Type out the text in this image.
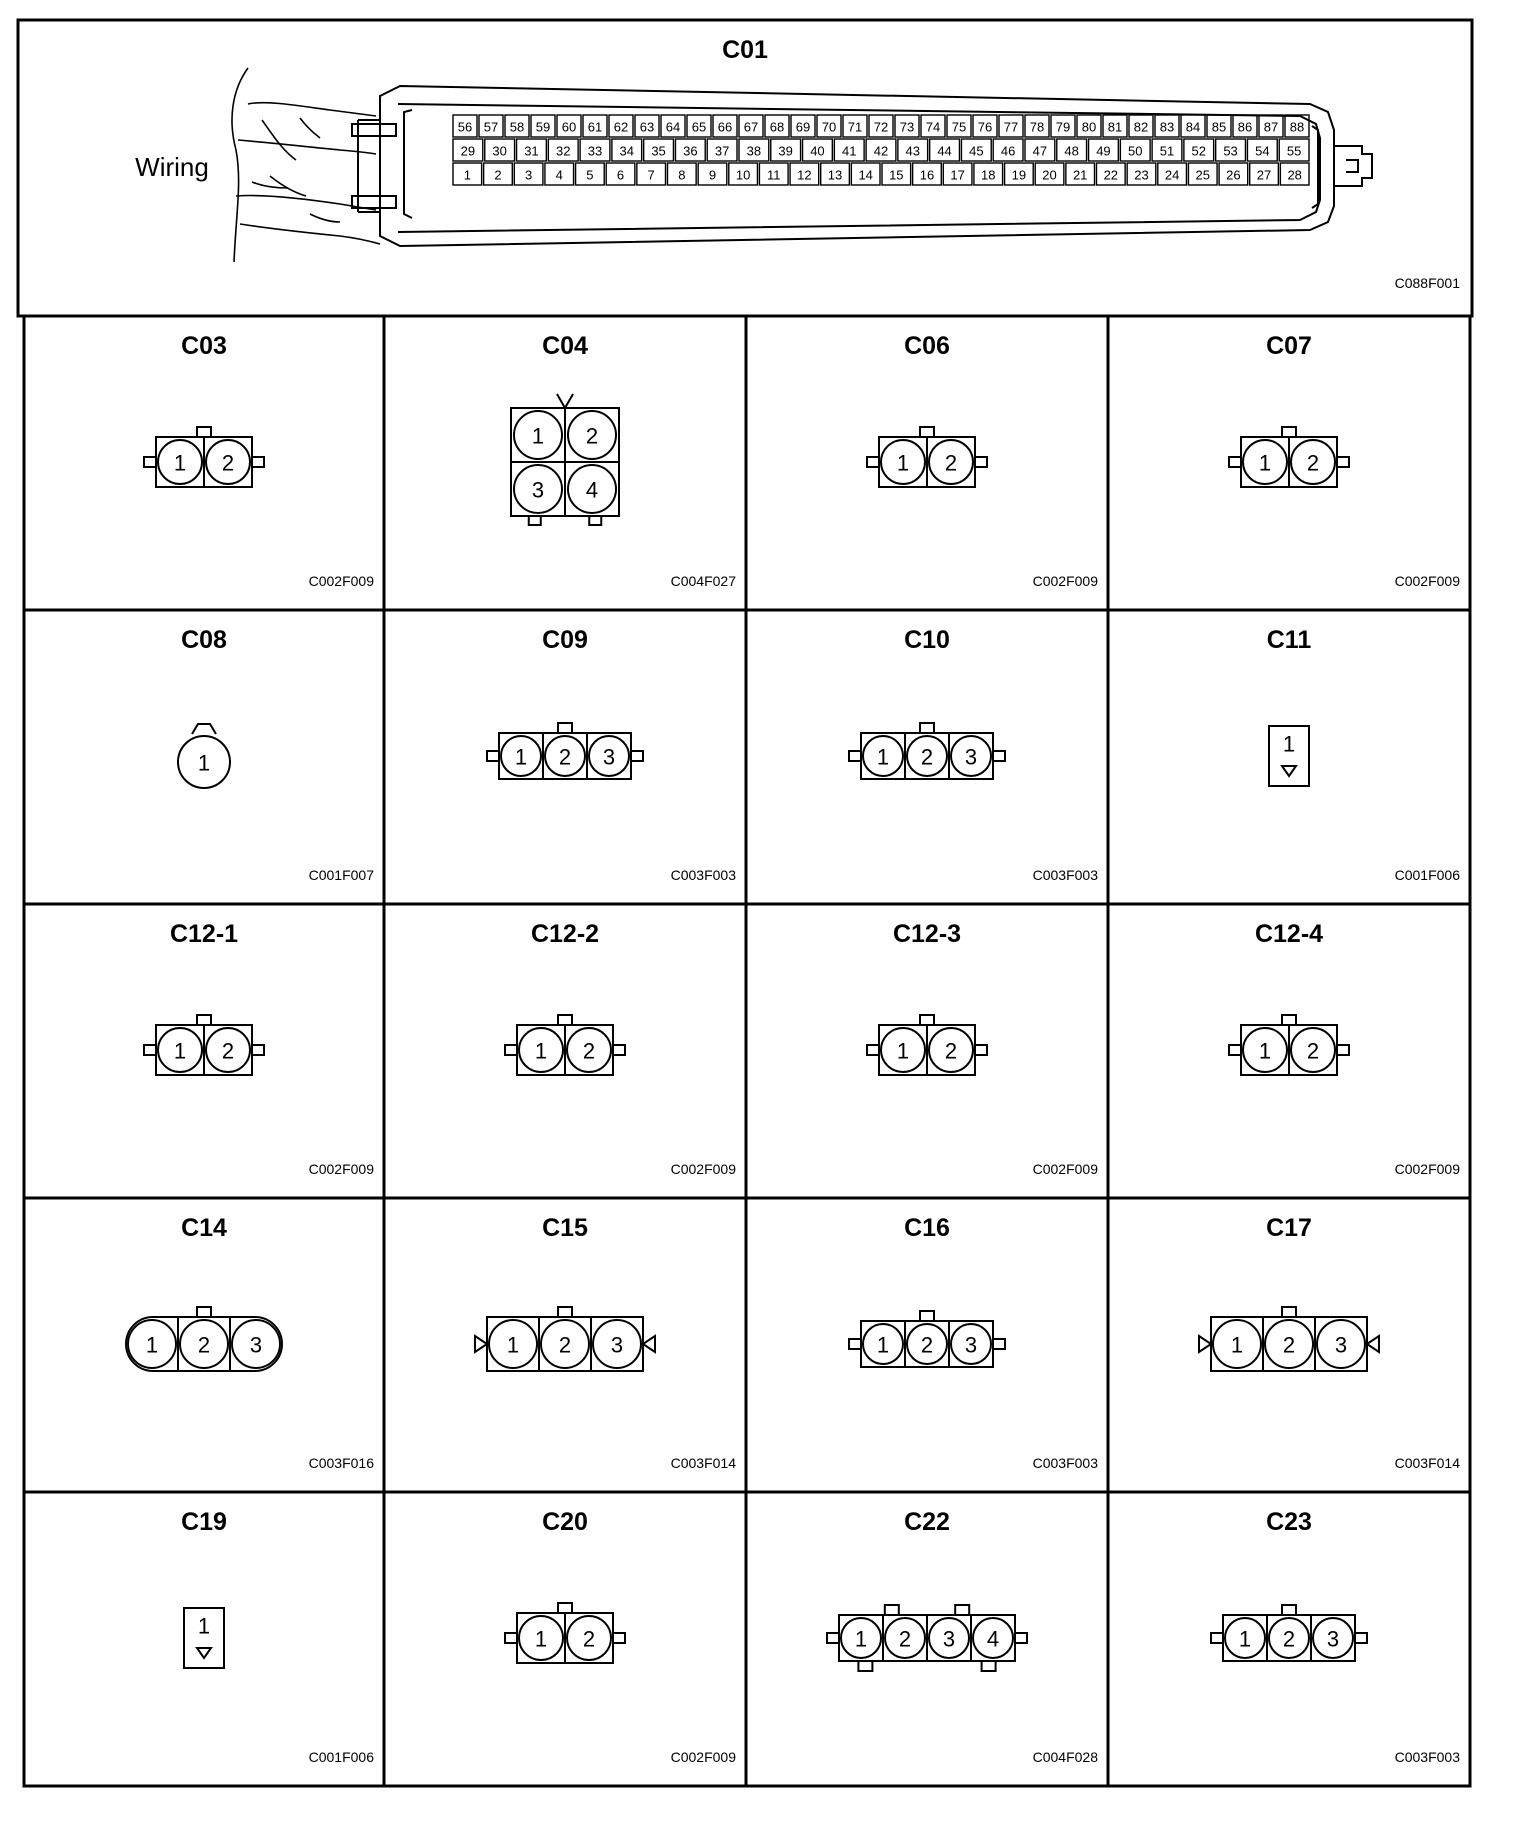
C01
Wiring
C088F001
56 57 58 59 60 61 62 63 64 65 66 67 68 69 70 71 72 73 74 75 76 77 78 79 80 81 82 83 84 85 86 87 88
29 30 31 32 33 34 35 36 37 38 39 40 41 42 43 44 45 46 47 48 49 50 51 52 53 54 55
1 2 3 4 5 6 7 8 9 10 11 12 13 14 15 16 17 18 19 20 21 22 23 24 25 26 27 28
C03
C002F009
1 2
C04
C004F027
1 2
3 4
C06
C002F009
1 2
C07
C002F009
1 2
C08
C001F007
1
C09
C003F003
1 2 3
C10
C003F003
1 2 3
C11
C001F006
1
C12-1
C002F009
1 2
C12-2
C002F009
1 2
C12-3
C002F009
1 2
C12-4
C002F009
1 2
C14
C003F016
1 2 3
C15
C003F014
1 2 3
C16
C003F003
1 2 3
C17
C003F014
1 2 3
C19
C001F006
1
C20
C002F009
1 2
C22
C004F028
1 2 3 4
C23
C003F003
1 2 3
